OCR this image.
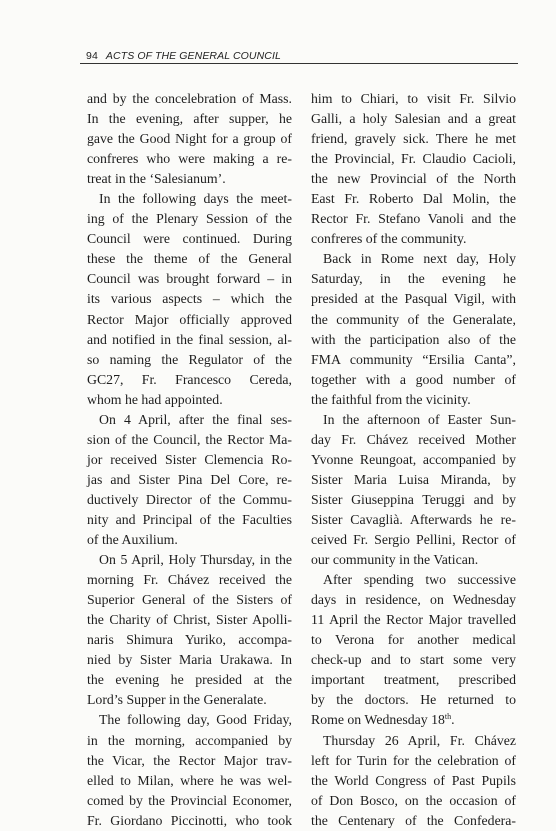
94 ACTS OF THE GENERAL COUNCIL
and by the concelebration of Mass.
In the evening, after supper, he
gave the Good Night for a group of
confreres who were making a re-
treat in the ‘Salesianum’.
In the following days the meet-
ing of the Plenary Session of the
Council were continued. During
these the theme of the General
Council was brought forward – in
its various aspects – which the
Rector Major officially approved
and notified in the final session, al-
so naming the Regulator of the
GC27, Fr. Francesco Cereda,
whom he had appointed.
On 4 April, after the final ses-
sion of the Council, the Rector Ma-
jor received Sister Clemencia Ro-
jas and Sister Pina Del Core, re-
ductively Director of the Commu-
nity and Principal of the Faculties
of the Auxilium.
On 5 April, Holy Thursday, in the
morning Fr. Chávez received the
Superior General of the Sisters of
the Charity of Christ, Sister Apolli-
naris Shimura Yuriko, accompa-
nied by Sister Maria Urakawa. In
the evening he presided at the
Lord’s Supper in the Generalate.
The following day, Good Friday,
in the morning, accompanied by
the Vicar, the Rector Major trav-
elled to Milan, where he was wel-
comed by the Provincial Economer,
Fr. Giordano Piccinotti, who took
him to Chiari, to visit Fr. Silvio
Galli, a holy Salesian and a great
friend, gravely sick. There he met
the Provincial, Fr. Claudio Cacioli,
the new Provincial of the North
East Fr. Roberto Dal Molin, the
Rector Fr. Stefano Vanoli and the
confreres of the community.
Back in Rome next day, Holy
Saturday, in the evening he
presided at the Pasqual Vigil, with
the community of the Generalate,
with the participation also of the
FMA community “Ersilia Canta”,
together with a good number of
the faithful from the vicinity.
In the afternoon of Easter Sun-
day Fr. Chávez received Mother
Yvonne Reungoat, accompanied by
Sister Maria Luisa Miranda, by
Sister Giuseppina Teruggi and by
Sister Cavaglià. Afterwards he re-
ceived Fr. Sergio Pellini, Rector of
our community in the Vatican.
After spending two successive
days in residence, on Wednesday
11 April the Rector Major travelled
to Verona for another medical
check-up and to start some very
important treatment, prescribed
by the doctors. He returned to
Rome on Wednesday 18th.
Thursday 26 April, Fr. Chávez
left for Turin for the celebration of
the World Congress of Past Pupils
of Don Bosco, on the occasion of
the Centenary of the Confedera-
